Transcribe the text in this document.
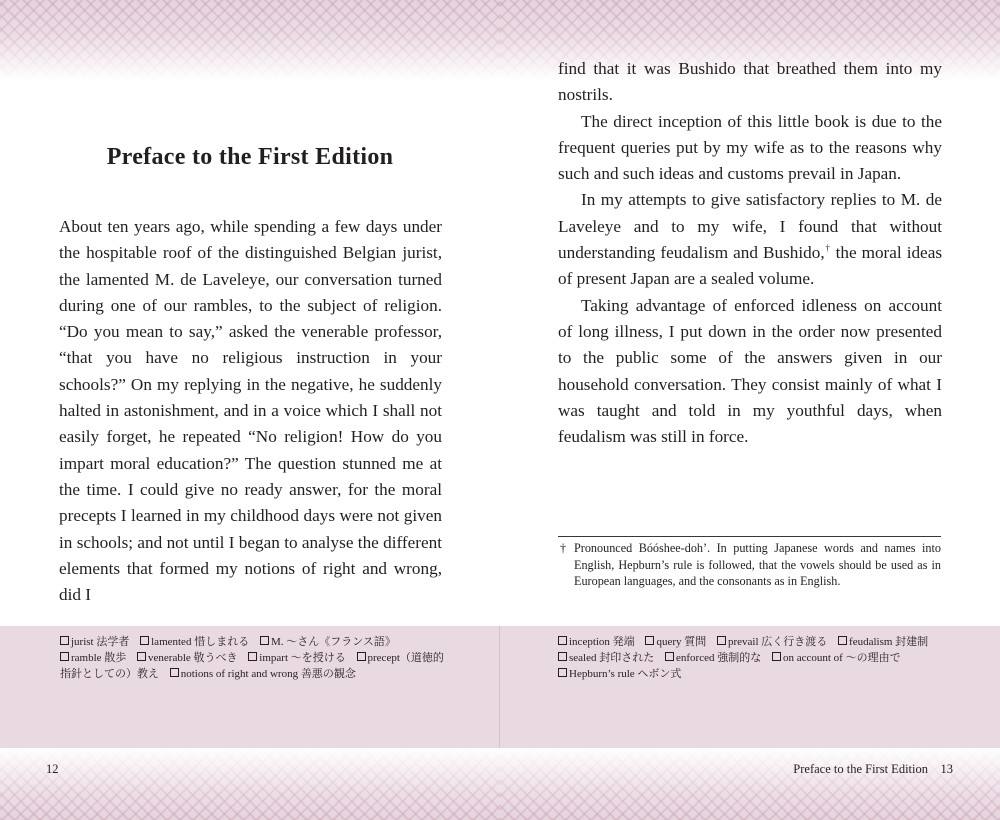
Preface to the First Edition

About ten years ago, while spending a few days under the hospitable roof of the distinguished Belgian jurist, the lamented M. de Laveleye, our conversation turned during one of our rambles, to the subject of religion. “Do you mean to say,” asked the venerable professor, “that you have no religious instruction in your schools?” On my replying in the negative, he suddenly halted in astonishment, and in a voice which I shall not easily forget, he repeated “No religion! How do you impart moral education?” The question stunned me at the time. I could give no ready answer, for the moral precepts I learned in my childhood days were not given in schools; and not until I began to analyse the different elements that formed my notions of right and wrong, did I

jurist 法学者 lamented 惜しまれる M. 〜さん《フランス語》
ramble 散歩 venerable 敬うべき impart 〜を授ける precept（道徳的指針としての）教え notions of right and wrong 善悪の観念
12

find that it was Bushido that breathed them into my nostrils.

The direct inception of this little book is due to the frequent queries put by my wife as to the reasons why such and such ideas and customs prevail in Japan.

In my attempts to give satisfactory replies to M. de Laveleye and to my wife, I found that without understanding feudalism and Bushido,† the moral ideas of present Japan are a sealed volume.

Taking advantage of enforced idleness on account of long illness, I put down in the order now presented to the public some of the answers given in our household conversation. They consist mainly of what I was taught and told in my youthful days, when feudalism was still in force.

† Pronounced Bóóshee-doh’. In putting Japanese words and names into English, Hepburn’s rule is followed, that the vowels should be used as in European languages, and the consonants as in English.
inception 発端 query 質問 prevail 広く行き渡る feudalism 封建制 sealed 封印された enforced 強制的な on account of 〜の理由で
Hepburn’s rule ヘボン式
Preface to the First Edition 13
